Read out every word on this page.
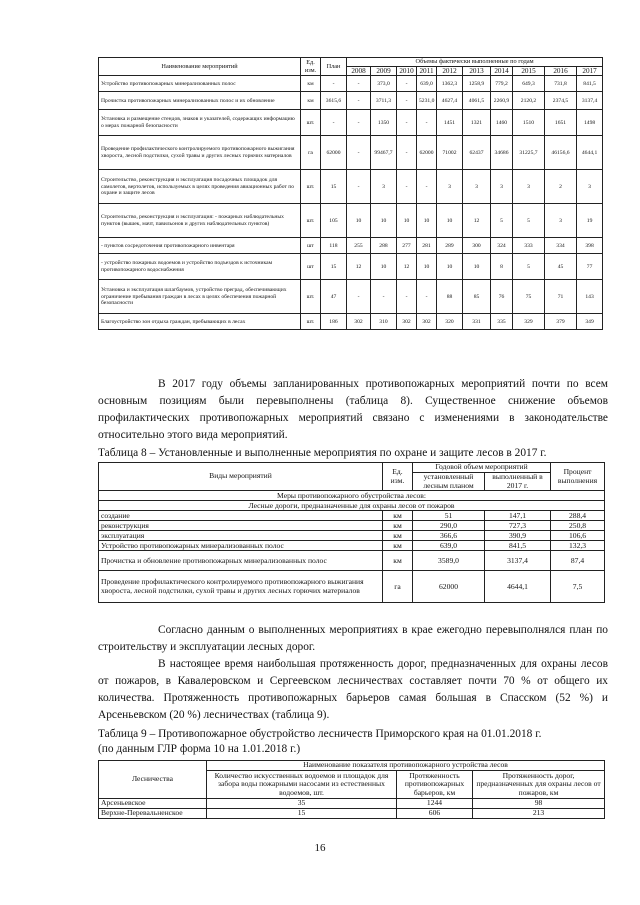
Наименование мероприятий	Ед. изм.	План	Объемы фактически выполненные по годам									
			2008	2009	2010	2011	2012	2013	2014	2015	2016	2017
Устройство противопожарных минерализованных полос	км	-	-	373,0	-	639,0	1362,3	1258,9	779,2	649,3	731,8	841,5
Прочистка противопожарных минерализованных полос и их обновление	км	3615,6	-	3711,3	-	5231,0	4627,4	4061,5	2260,9	2120,2	2374,5	3137,4
Установка и размещение стендов, знаков и указателей, содержащих информацию о мерах пожарной безопасности	шт.	-	-	1350	-	-	1451	1321	1460	1510	1651	1498
Проведение профилактического контролируемого противопожарного выжигания хвороста, лесной подстилки, сухой травы и других лесных горючих материалов	га	62000	-	99467,7	-	62000	71002	62437	34686	31225,7	46156,6	4644,1
Строительство, реконструкция и эксплуатация посадочных площадок для самолетов, вертолетов, используемых в целях проведения авиационных работ по охране и защите лесов	шт.	15	-	3	-	-	3	3	3	3	2	3
Строительство, реконструкция и эксплуатация: - пожарных наблюдательных пунктов (вышек, мачт, павильонов и других наблюдательных пунктов)	шт.	105	10	10	10	10	10	12	5	5	3	19
- пунктов сосредоточения противопожарного инвентаря	шт	118	255	288	277	281	289	300	324	333	334	398
- устройство пожарных водоемов и устройство подъездов к источникам противопожарного водоснабжения	шт	15	12	10	12	10	10	10	8	5	45	77
Установка и эксплуатация шлагбаумов, устройство преград, обеспечивающих ограничение пребывания граждан в лесах в целях обеспечения пожарной безопасности	шт.	47	-	-	-	-	88	85	76	75	71	143
Благоустройство зон отдыха граждан, пребывающих в лесах	шт.	186	302	310	302	302	320	331	335	329	379	349

В 2017 году объемы запланированных противопожарных мероприятий почти по всем основным позициям были перевыполнены (таблица 8). Существенное снижение объемов профилактических противопожарных мероприятий связано с изменениями в законодательстве относительно этого вида мероприятий.

Таблица 8 – Установленные и выполненные мероприятия по охране и защите лесов в 2017 г.

Виды мероприятий	Ед. изм.	Годовой объем мероприятий		Процент выполнения
		установленный лесным планом	выполненный в 2017 г.	
Меры противопожарного обустройства лесов:				
Лесные дороги, предназначенные для охраны лесов от пожаров				
создание	км	51	147,1	288,4
реконструкция	км	290,0	727,3	250,8
эксплуатация	км	366,6	390,9	106,6
Устройство противопожарных минерализованных полос	км	639,0	841,5	132,3
Прочистка и обновление противопожарных минерализованных полос	км	3589,0	3137,4	87,4
Проведение профилактического контролируемого противопожарного выжигания хвороста, лесной подстилки, сухой травы и других лесных горючих материалов	га	62000	4644,1	7,5

Согласно данным о выполненных мероприятиях в крае ежегодно перевыполнялся план по строительству и эксплуатации лесных дорог.

В настоящее время наибольшая протяженность дорог, предназначенных для охраны лесов от пожаров, в Кавалеровском и Сергеевском лесничествах составляет почти 70 % от общего их количества. Протяженность противопожарных барьеров самая большая в Спасском (52 %) и Арсеньевском (20 %) лесничествах (таблица 9).

Таблица 9 – Противопожарное обустройство лесничеств Приморского края на 01.01.2018 г.

(по данным ГЛР форма 10 на 1.01.2018 г.)

Лесничества	Наименование показателя противопожарного устройства лесов		
	Количество искусственных водоемов и площадок для забора воды пожарными насосами из естественных водоемов, шт.	Протяженность противопожарных барьеров, км	Протяженность дорог, предназначенных для охраны лесов от пожаров, км
Арсеньевское	35	1244	98
Верхне-Перевальненское	15	606	213
16
